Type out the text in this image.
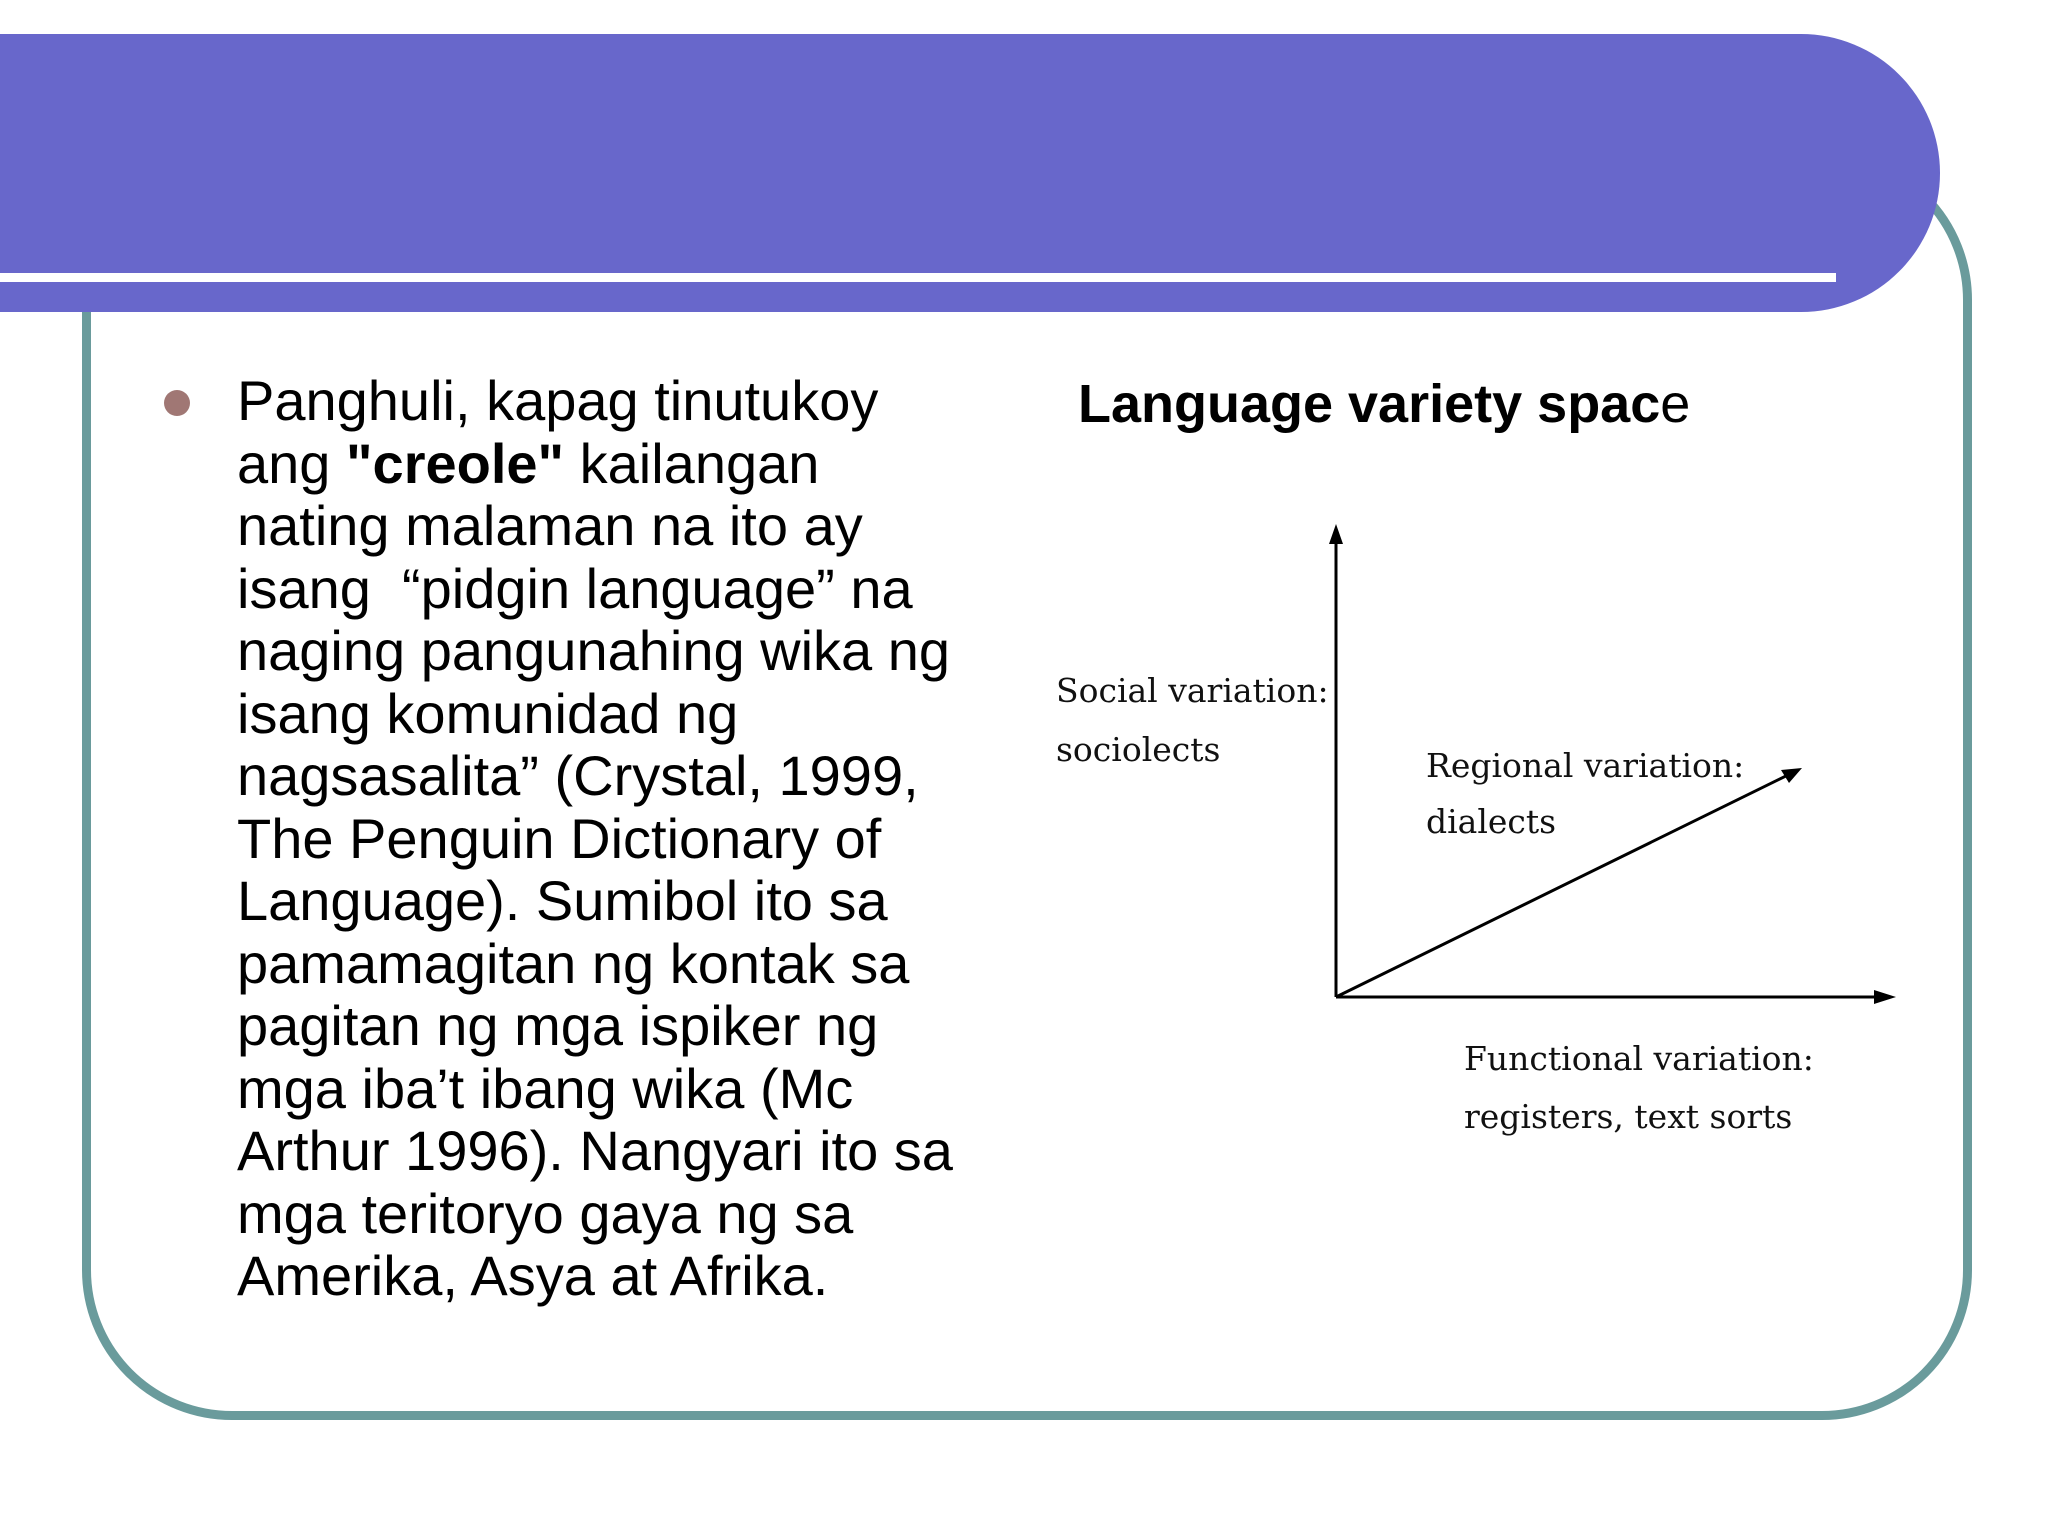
Panghuli, kapag tinutukoy
ang "creole" kailangan
nating malaman na ito ay
isang  “pidgin language” na
naging pangunahing wika ng
isang komunidad ng
nagsasalita” (Crystal, 1999,
The Penguin Dictionary of
Language). Sumibol ito sa
pamamagitan ng kontak sa
pagitan ng mga ispiker ng
mga iba’t ibang wika (Mc
Arthur 1996). Nangyari ito sa
mga teritoryo gaya ng sa
Amerika, Asya at Afrika.

Language variety space
Social variation:
sociolects	Regional variation:
dialects
Functional variation:
registers, text sorts
